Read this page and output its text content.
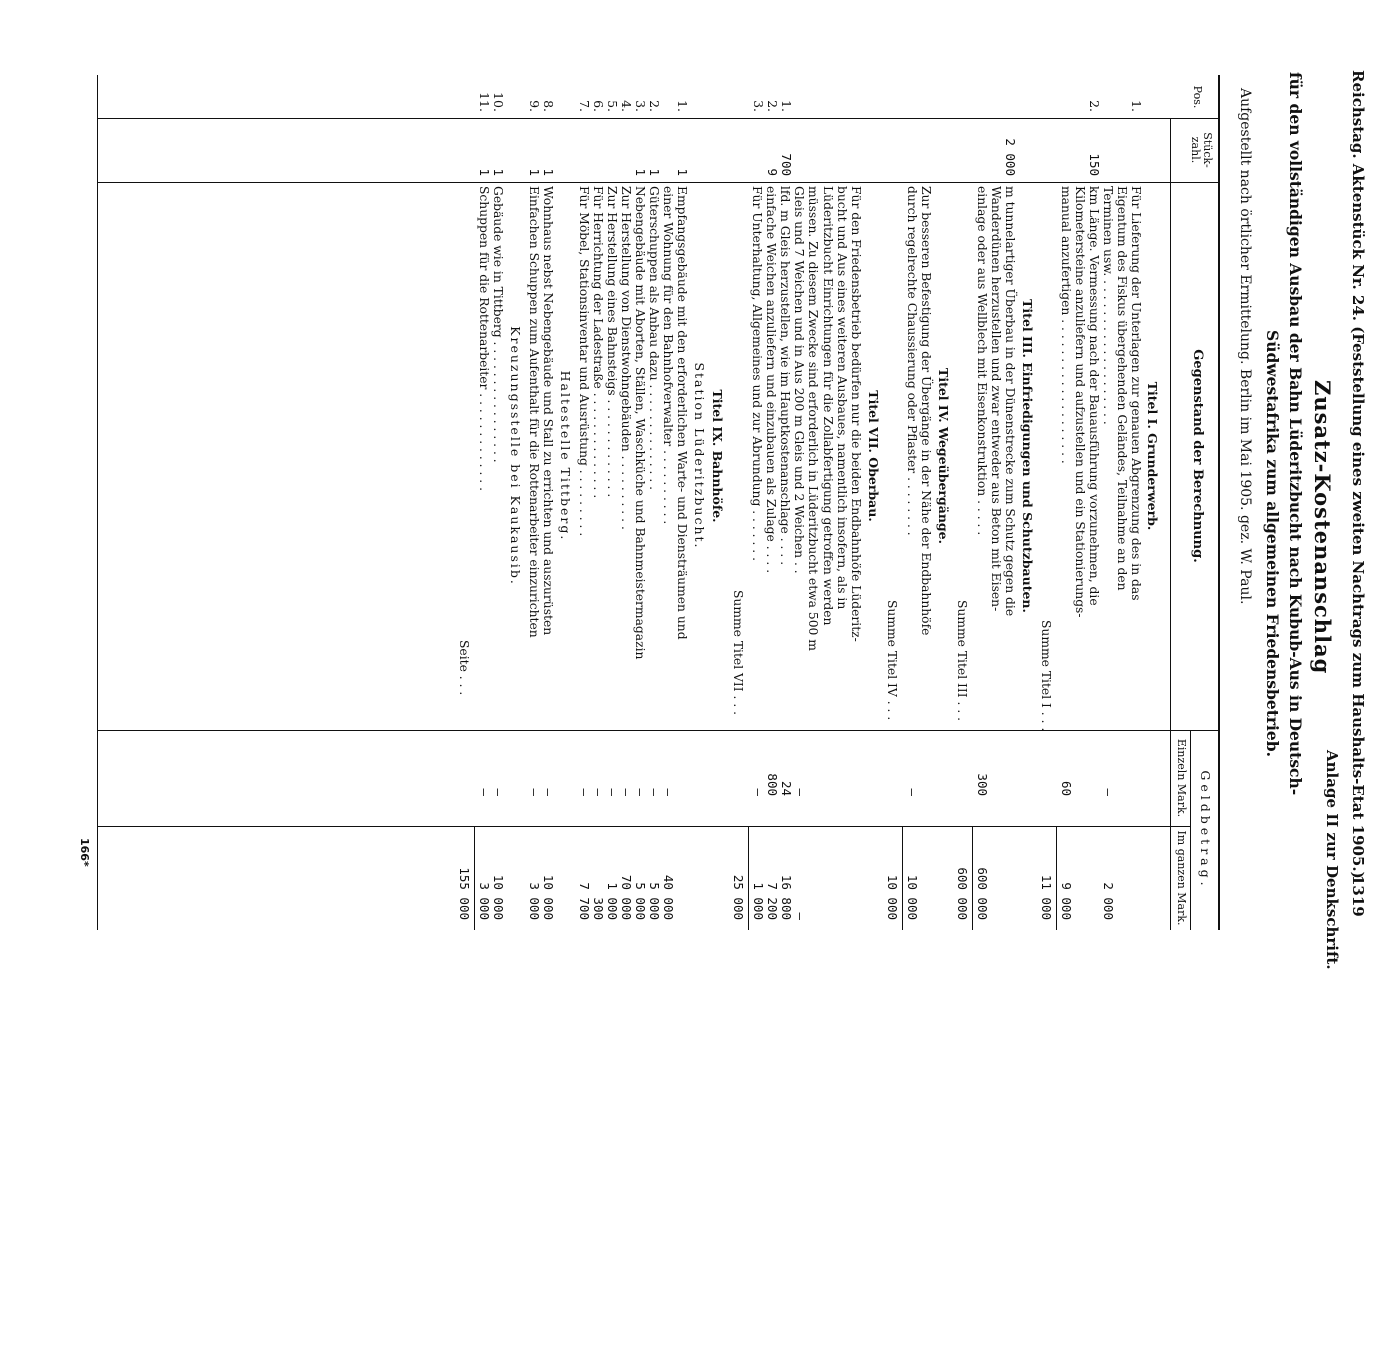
Reichstag. Aktenstück Nr. 24. (Feststellung eines zweiten Nachtrags zum Haushalts-Etat 1905.)
1319
Anlage II zur Denkschrift.
Zusatz-Kostenanschlag
für den vollständigen Ausbau der Bahn Lüderitzbucht nach Kubub-Aus in Deutsch-
Südwestafrika zum allgemeinen Friedensbetrieb.
Aufgestellt nach örtlicher Ermittelung. Berlin im Mai 1905. gez. W. Paul.
Pos.
Stück-zahl.
Gegenstand der Berechnung.
Geldbetrag.
Einzeln Mark.
Im ganzen Mark.
Titel I. Grunderwerb.
1.
Für Lieferung der Unterlagen zur genauen Abgrenzung des in das
Eigentum des Fiskus übergehenden Geländes, Teilnahme an den
Terminen usw. . . . . . . . . . . . . . . . . . . .
—
2 000
2.
150
km Länge. Vermessung nach der Bauausführung vorzunehmen, die
Kilometersteine anzuliefern und aufzustellen und ein Stationierungs-
manual anzufertigen . . . . . . . . . . . . . . . . . . .
60
9 000
Summe Titel I . . .
11 000
Titel III. Einfriedigungen und Schutzbauten.
2 000
m tunnelartiger Überbau in der Dünenstrecke zum Schutz gegen die
Wanderdünen herzustellen und zwar entweder aus Beton mit Eisen-
einlage oder aus Wellblech mit Eisenkonstruktion . . . . .
300
600 000
Summe Titel III . . .
600 000
Titel IV. Wegeübergänge.
Zur besseren Befestigung der Übergänge in der Nähe der Endbahnhöfe
durch regelrechte Chaussierung oder Pflaster . . . . . . . .
—
10 000
Summe Titel IV . . .
10 000
Titel VII. Oberbau.
Für den Friedensbetrieb bedürfen nur die beiden Endbahnhöfe Lüderitz-
bucht und Aus eines weiteren Ausbaues, namentlich insofern, als in
Lüderitzbucht Einrichtungen für die Zollabfertigung getroffen werden
müssen. Zu diesem Zwecke sind erforderlich in Lüderitzbucht etwa 500 m
Gleis und 7 Weichen und in Aus 200 m Gleis und 2 Weichen . .
lfd. m Gleis herzustellen, wie im Hauptkostenanschlage . . . .
einfache Weichen anzuliefern und einzubauen als Zulage . . . .
Für Unterhaltung, Allgemeines und zur Abrundung . . . . . . .
—
—
1.
700
24
16 800
2.
9
800
7 200
3.
—
1 000
Summe Titel VII . . .
25 000
Titel IX. Bahnhöfe.
Station Lüderitzbucht.
1.
1
Empfangsgebäude mit den erforderlichen Warte- und Diensträumen und
einer Wohnung für den Bahnhofverwalter . . . . . . . . . .
—
40 000
2.
1
Güterschuppen als Anbau dazu . . . . . . . . . . . . . .
—
5 000
3.
1
Nebengebäude mit Aborten, Ställen, Waschküche und Bahnmeistermagazin
—
5 000
4.
Zur Herstellung von Dienstwohngebäuden . . . . . . . . . .
—
70 000
5.
Zur Herstellung eines Bahnsteigs . . . . . . . . . . . . .
—
1 000
6.
Für Herrichtung der Ladestraße . . . . . . . . . . . . . .
—
300
7.
Für Möbel, Stationsinventar und Ausrüstung . . . . . . . . .
—
7 700
Haltestelle Tittberg.
8.
1
Wohnhaus nebst Nebengebäude und Stall zu errichten und auszurüsten
—
10 000
9.
1
Einfachen Schuppen zum Aufenthalt für die Rottenarbeiter einzurichten
—
3 000
Kreuzungsstelle bei Kaukausib.
10.
1
Gebäude wie in Tittberg . . . . . . . . . . . . . . . .
—
10 000
11.
1
Schuppen für die Rottenarbeiter . . . . . . . . . . . . .
—
3 000
Seite . . .
155 000
166*
